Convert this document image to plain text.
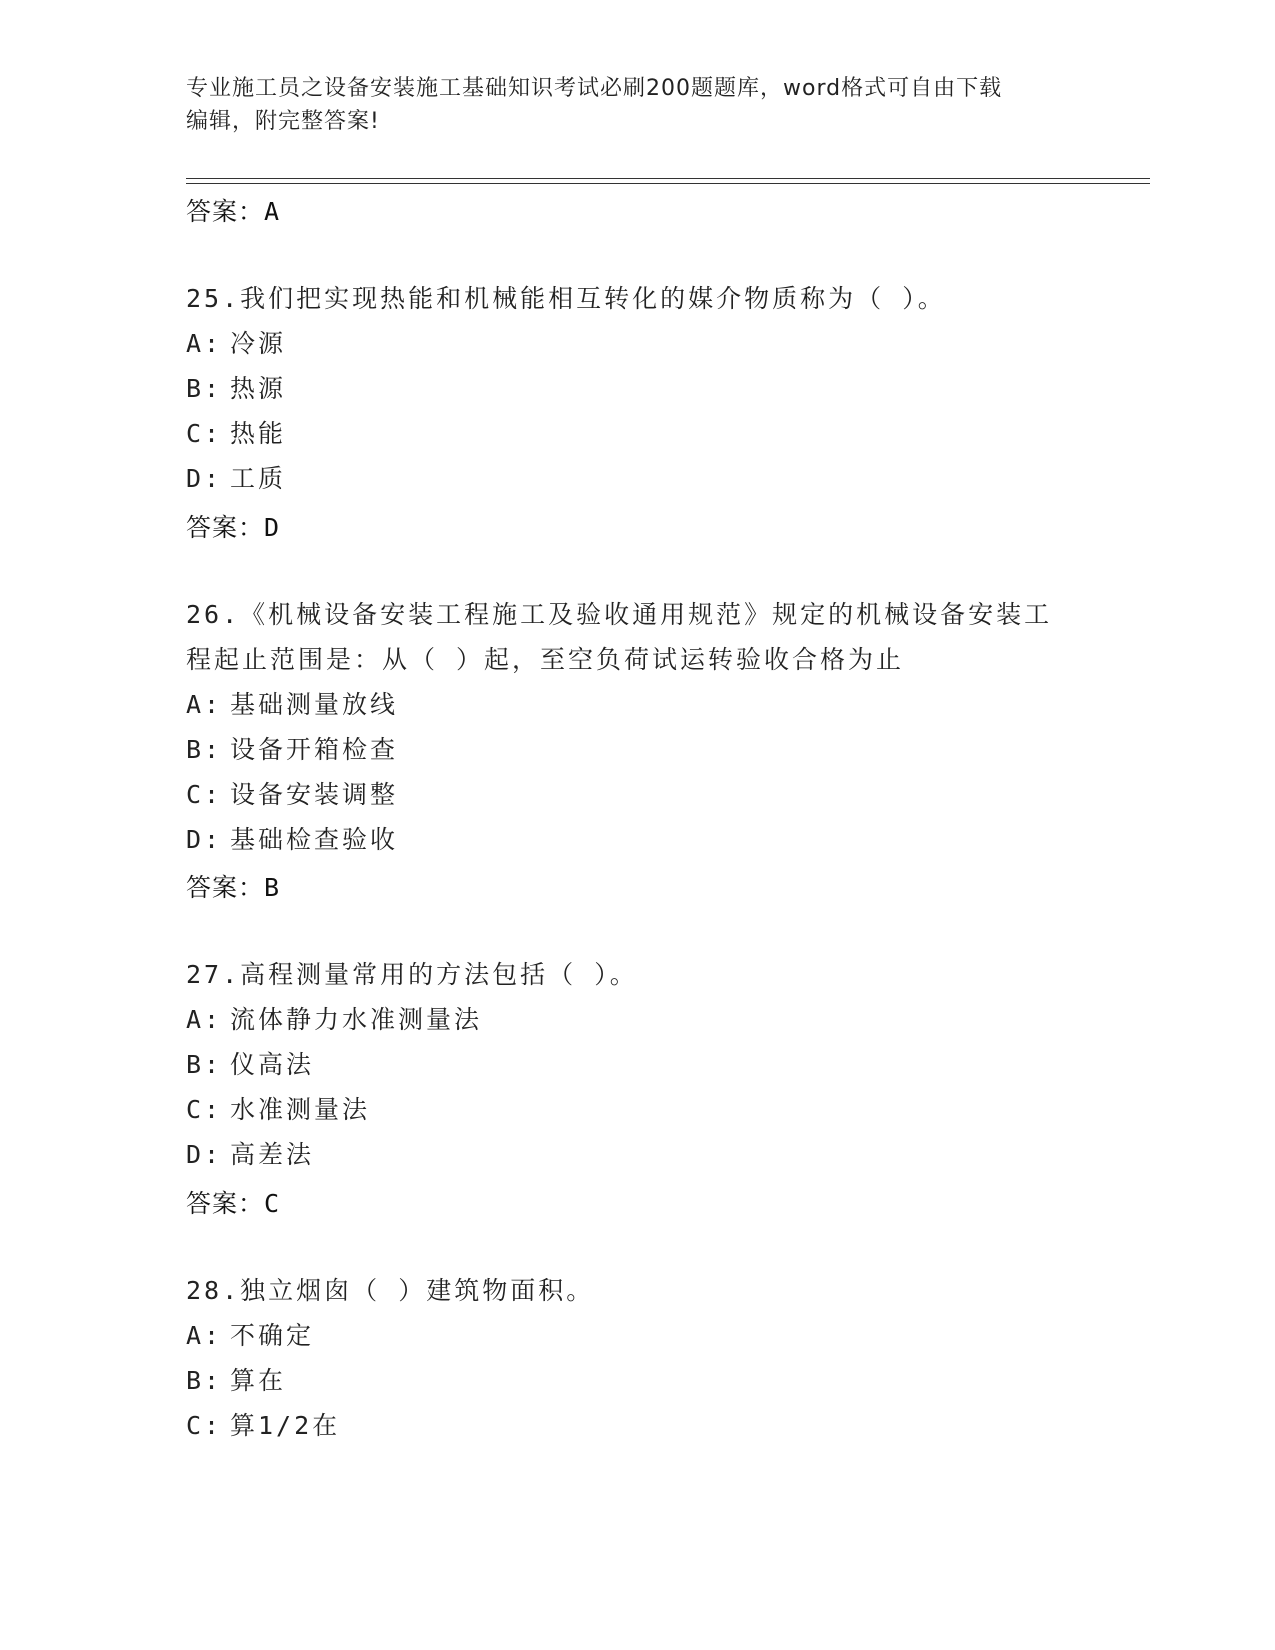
专业施工员之设备安装施工基础知识考试必刷200题题库，word格式可自由下载
编辑，附完整答案!
答案：A

25.我们把实现热能和机械能相互转化的媒介物质称为（ ）。

A: 冷源

B: 热源

C: 热能

D: 工质

答案：D

26.《机械设备安装工程施工及验收通用规范》规定的机械设备安装工

程起止范围是：从（ ）起，至空负荷试运转验收合格为止

A: 基础测量放线

B: 设备开箱检查

C: 设备安装调整

D: 基础检查验收

答案：B

27.高程测量常用的方法包括（ ）。

A: 流体静力水准测量法

B: 仪高法

C: 水准测量法

D: 高差法

答案：C

28.独立烟囱（ ）建筑物面积。

A: 不确定

B: 算在

C: 算1/2在
